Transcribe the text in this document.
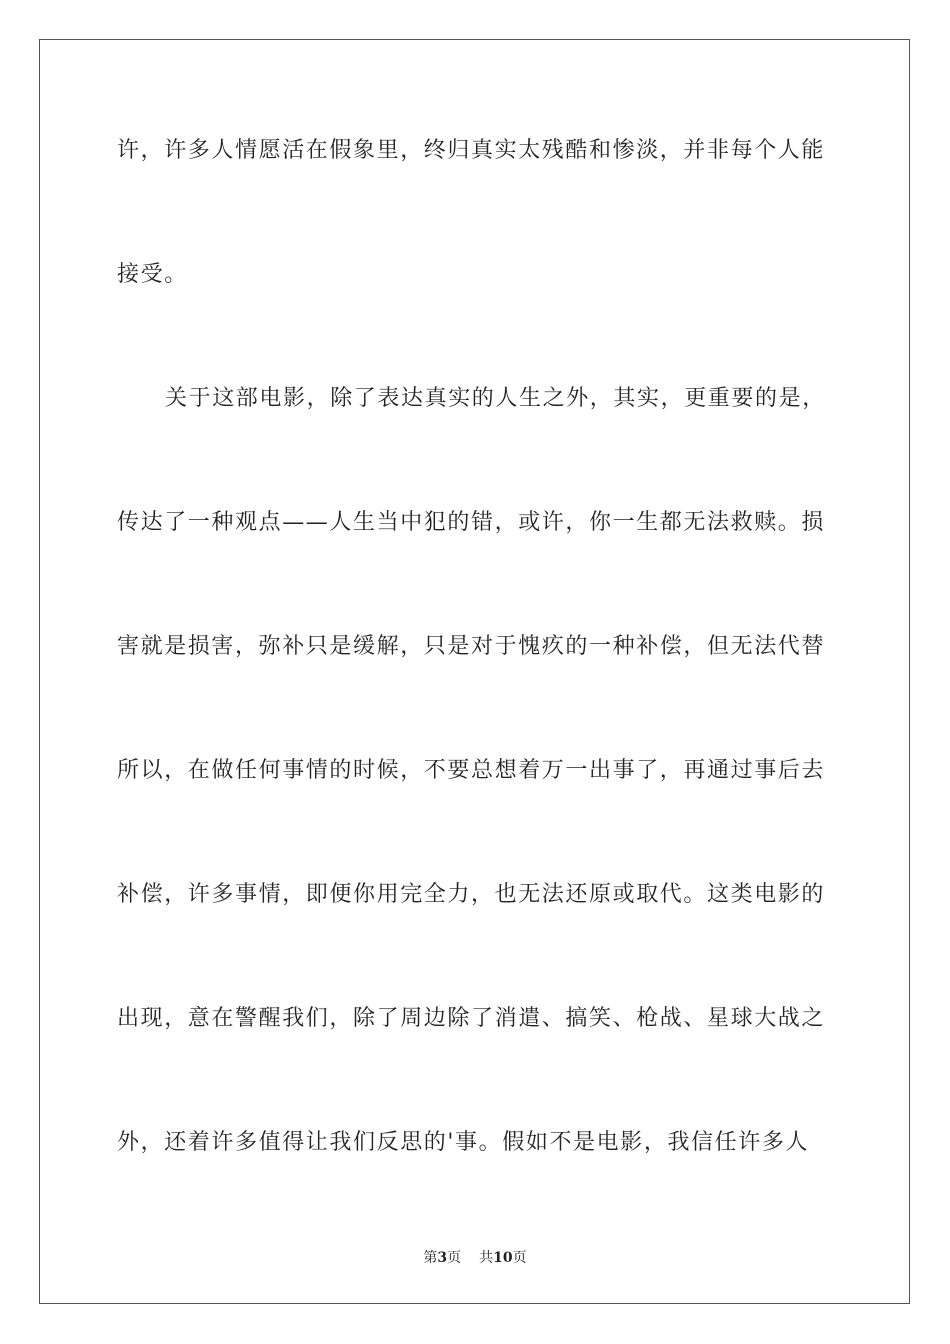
许，许多人情愿活在假象里，终归真实太残酷和惨淡，并非每个人能
接受。
关于这部电影，除了表达真实的人生之外，其实，更重要的是，
传达了一种观点——人生当中犯的错，或许，你一生都无法救赎。损
害就是损害，弥补只是缓解，只是对于愧疚的一种补偿，但无法代替
所以，在做任何事情的时候，不要总想着万一出事了，再通过事后去
补偿，许多事情，即便你用完全力，也无法还原或取代。这类电影的
出现，意在警醒我们，除了周边除了消遣、搞笑、枪战、星球大战之
外，还着许多值得让我们反思的'事。假如不是电影，我信任许多人
第3页 共10页
